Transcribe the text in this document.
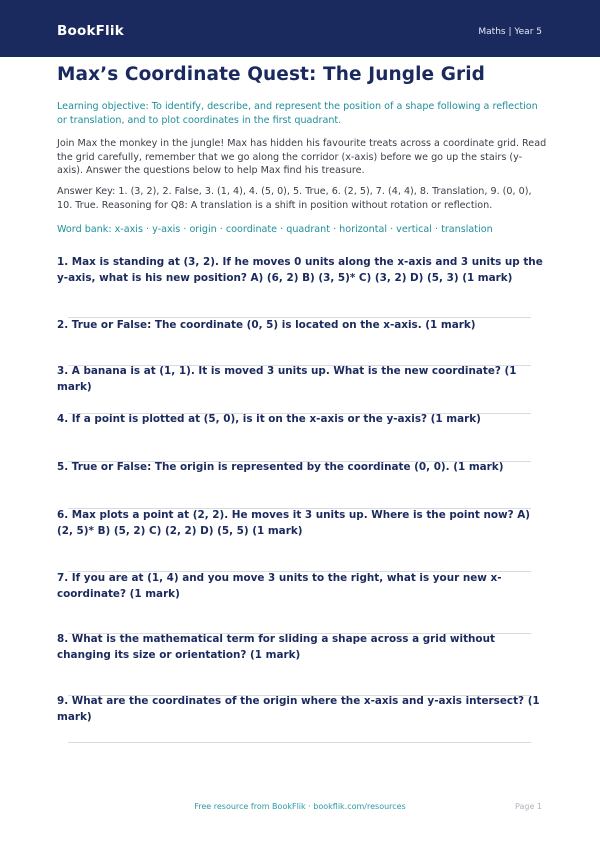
BookFlik	Maths | Year 5
Max’s Coordinate Quest: The Jungle Grid

Learning objective: To identify, describe, and represent the position of a shape following a reflection or translation, and to plot coordinates in the first quadrant.

Join Max the monkey in the jungle! Max has hidden his favourite treats across a coordinate grid. Read the grid carefully, remember that we go along the corridor (x-axis) before we go up the stairs (y-axis). Answer the questions below to help Max find his treasure.

Answer Key: 1. (3, 2), 2. False, 3. (1, 4), 4. (5, 0), 5. True, 6. (2, 5), 7. (4, 4), 8. Translation, 9. (0, 0), 10. True. Reasoning for Q8: A translation is a shift in position without rotation or reflection.

Word bank: x-axis · y-axis · origin · coordinate · quadrant · horizontal · vertical · translation

1. Max is standing at (3, 2). If he moves 0 units along the x-axis and 3 units up the y-axis, what is his new position? A) (6, 2) B) (3, 5)* C) (3, 2) D) (5, 3) (1 mark)
2. True or False: The coordinate (0, 5) is located on the x-axis. (1 mark)
3. A banana is at (1, 1). It is moved 3 units up. What is the new coordinate? (1 mark)
4. If a point is plotted at (5, 0), is it on the x-axis or the y-axis? (1 mark)
5. True or False: The origin is represented by the coordinate (0, 0). (1 mark)
6. Max plots a point at (2, 2). He moves it 3 units up. Where is the point now? A) (2, 5)* B) (5, 2) C) (2, 2) D) (5, 5) (1 mark)
7. If you are at (1, 4) and you move 3 units to the right, what is your new x-coordinate? (1 mark)
8. What is the mathematical term for sliding a shape across a grid without changing its size or orientation? (1 mark)
9. What are the coordinates of the origin where the x-axis and y-axis intersect? (1 mark)
Free resource from BookFlik · bookflik.com/resources	Page 1
